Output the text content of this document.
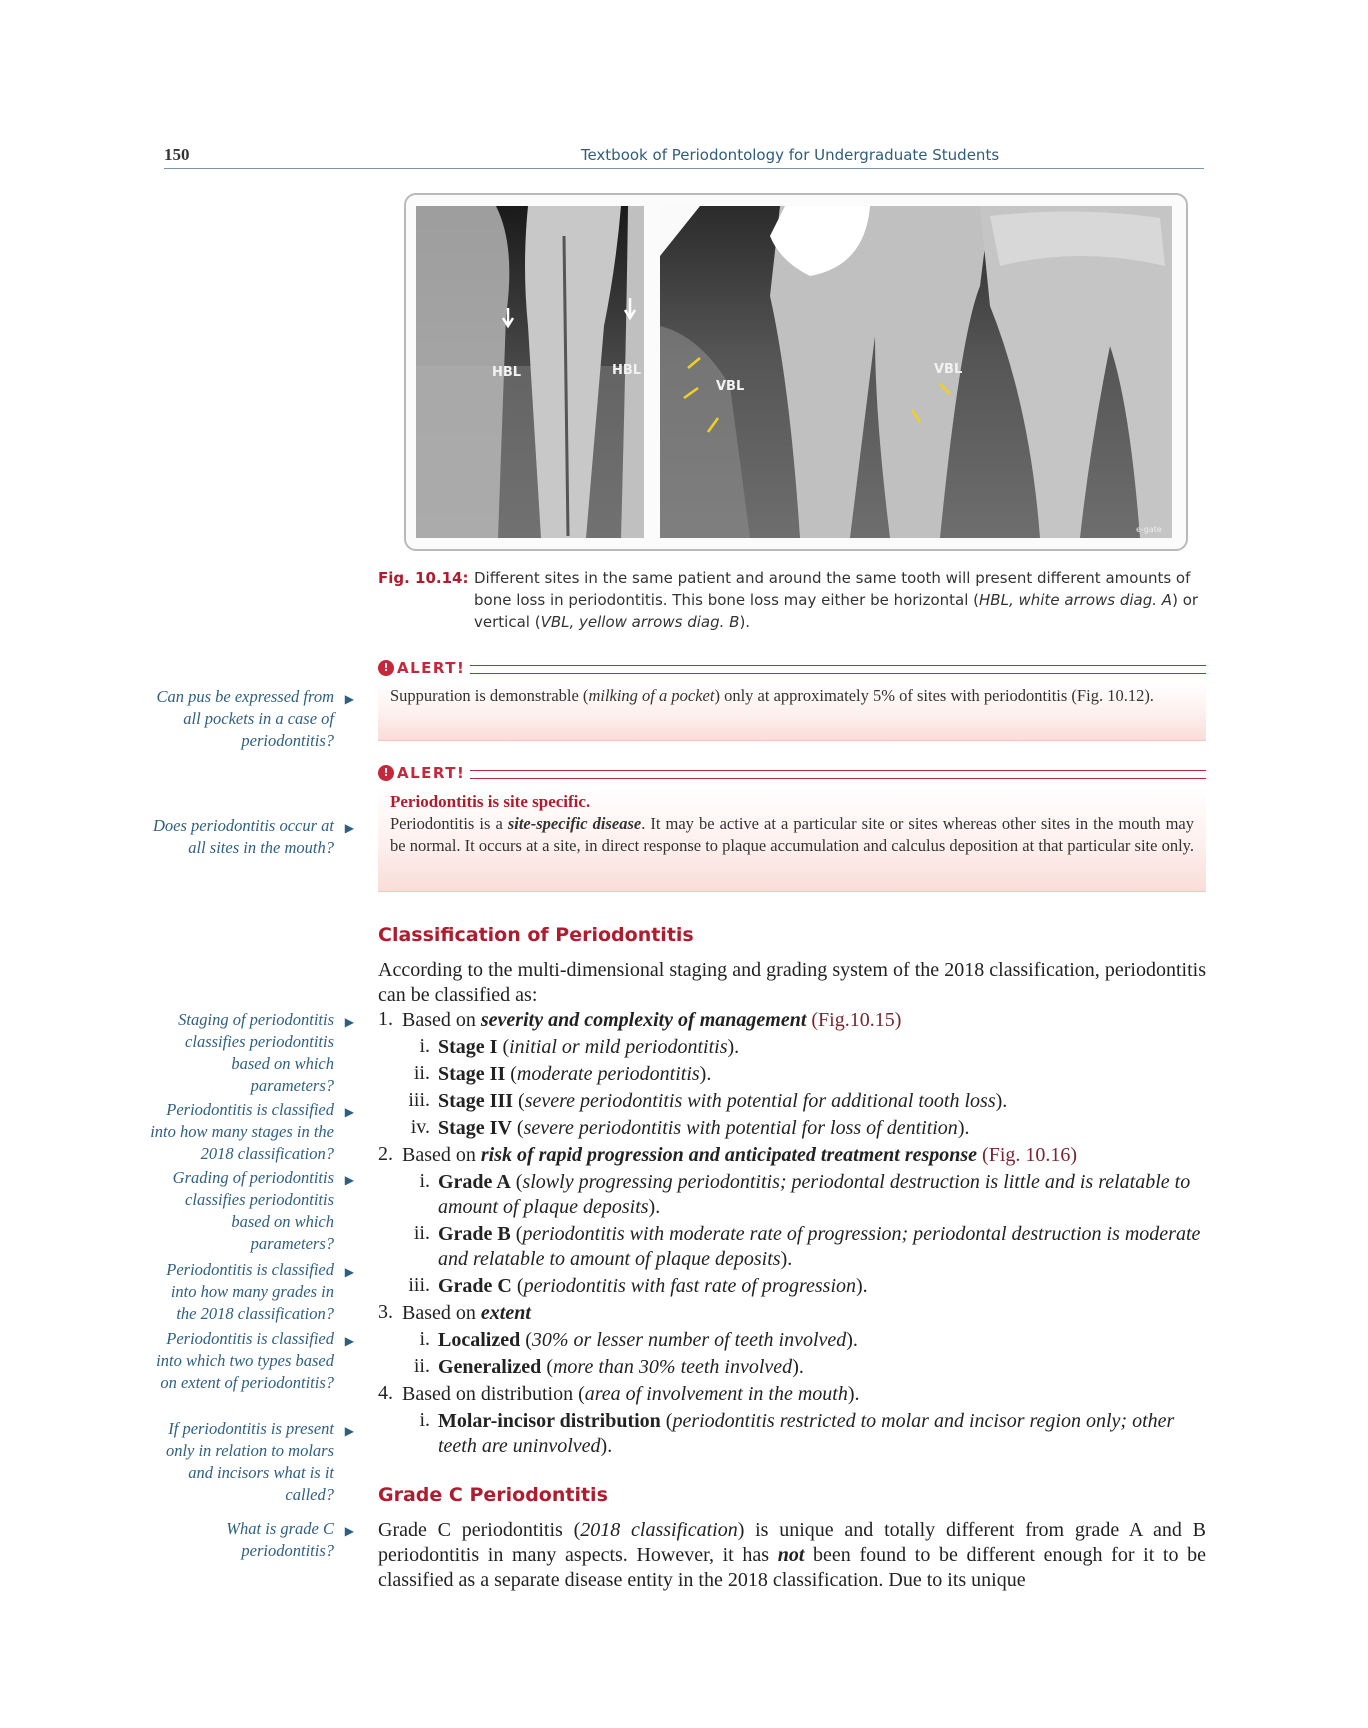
150	Textbook of Periodontology for Undergraduate Students
HBL	HBL
VBL
VBL
e-gate
Fig. 10.14: Different sites in the same patient and around the same tooth will present different amounts of bone loss in periodontitis. This bone loss may either be horizontal (HBL, white arrows diag. A) or vertical (VBL, yellow arrows diag. B).
! ALERT!
Suppuration is demonstrable (milking of a pocket) only at approximately 5% of sites with periodontitis (Fig. 10.12).
! ALERT!
Periodontitis is site specific.
Periodontitis is a site-specific disease. It may be active at a particular site or sites whereas other sites in the mouth may be normal. It occurs at a site, in direct response to plaque accumulation and calculus deposition at that particular site only.
Can pus be expressed from all pockets in a case of periodontitis?
▶
Does periodontitis occur at all sites in the mouth?
▶
Staging of periodontitis classifies periodontitis based on which parameters?
▶
Periodontitis is classified into how many stages in the 2018 classification?
▶
Grading of periodontitis classifies periodontitis based on which parameters?
▶
Periodontitis is classified into how many grades in the 2018 classification?
▶
Periodontitis is classified into which two types based on extent of periodontitis?
▶
If periodontitis is present only in relation to molars and incisors what is it called?
▶
What is grade C periodontitis?
▶
Classification of Periodontitis
According to the multi-dimensional staging and grading system of the 2018 classification, periodontitis can be classified as:
1. Based on severity and complexity of management (Fig.10.15)
i. Stage I (initial or mild periodontitis).
ii. Stage II (moderate periodontitis).
iii. Stage III (severe periodontitis with potential for additional tooth loss).
iv. Stage IV (severe periodontitis with potential for loss of dentition).
2. Based on risk of rapid progression and anticipated treatment response (Fig. 10.16)
i. Grade A (slowly progressing periodontitis; periodontal destruction is little and is relatable to amount of plaque deposits).
ii. Grade B (periodontitis with moderate rate of progression; periodontal destruction is moderate and relatable to amount of plaque deposits).
iii. Grade C (periodontitis with fast rate of progression).
3. Based on extent
i. Localized (30% or lesser number of teeth involved).
ii. Generalized (more than 30% teeth involved).
4. Based on distribution (area of involvement in the mouth).
i. Molar-incisor distribution (periodontitis restricted to molar and incisor region only; other teeth are uninvolved).
Grade C Periodontitis
Grade C periodontitis (2018 classification) is unique and totally different from grade A and B periodontitis in many aspects. However, it has not been found to be different enough for it to be classified as a separate disease entity in the 2018 classification. Due to its unique
